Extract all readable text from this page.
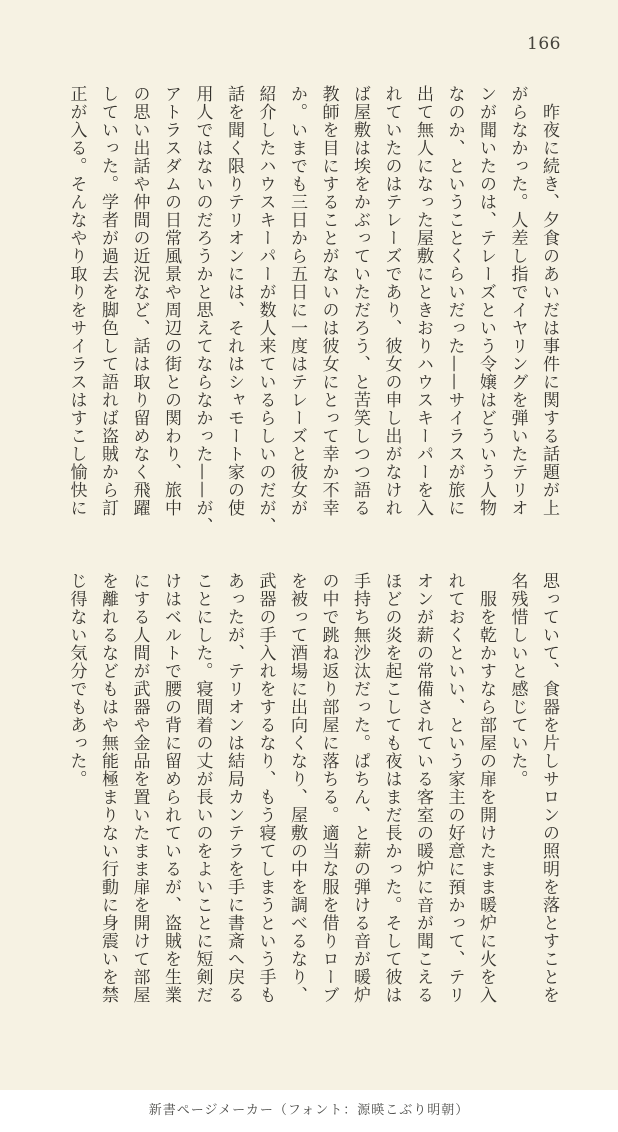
166
　昨夜に続き、夕食のあいだは事件に関する話題が上
がらなかった。人差し指でイヤリングを弾いたテリオ
ンが聞いたのは、テレーズという令嬢はどういう人物
なのか、ということくらいだった——サイラスが旅に
出て無人になった屋敷にときおりハウスキーパーを入
れていたのはテレーズであり、彼女の申し出がなけれ
ば屋敷は埃をかぶっていただろう、と苦笑しつつ語る
教師を目にすることがないのは彼女にとって幸か不幸
か。いまでも三日から五日に一度はテレーズと彼女が
紹介したハウスキーパーが数人来ているらしいのだが、
話を聞く限りテリオンには、それはシャモート家の使
用人ではないのだろうかと思えてならなかった——が、
アトラスダムの日常風景や周辺の街との関わり、旅中
の思い出話や仲間の近況など、話は取り留めなく飛躍
していった。学者が過去を脚色して語れば盗賊から訂
正が入る。そんなやり取りをサイラスはすこし愉快に
思っていて、食器を片しサロンの照明を落とすことを
名残惜しいと感じていた。
　服を乾かすなら部屋の扉を開けたまま暖炉に火を入
れておくといい、という家主の好意に預かって、テリ
オンが薪の常備されている客室の暖炉に音が聞こえる
ほどの炎を起こしても夜はまだ長かった。そして彼は
手持ち無沙汰だった。ぱちん、と薪の弾ける音が暖炉
の中で跳ね返り部屋に落ちる。適当な服を借りローブ
を被って酒場に出向くなり、屋敷の中を調べるなり、
武器の手入れをするなり、もう寝てしまうという手も
あったが、テリオンは結局カンテラを手に書斎へ戻る
ことにした。寝間着の丈が長いのをよいことに短剣だ
けはベルトで腰の背に留められているが、盗賊を生業
にする人間が武器や金品を置いたまま扉を開けて部屋
を離れるなどもはや無能極まりない行動に身震いを禁
じ得ない気分でもあった。
新書ページメーカー（フォント：源暎こぶり明朝）
